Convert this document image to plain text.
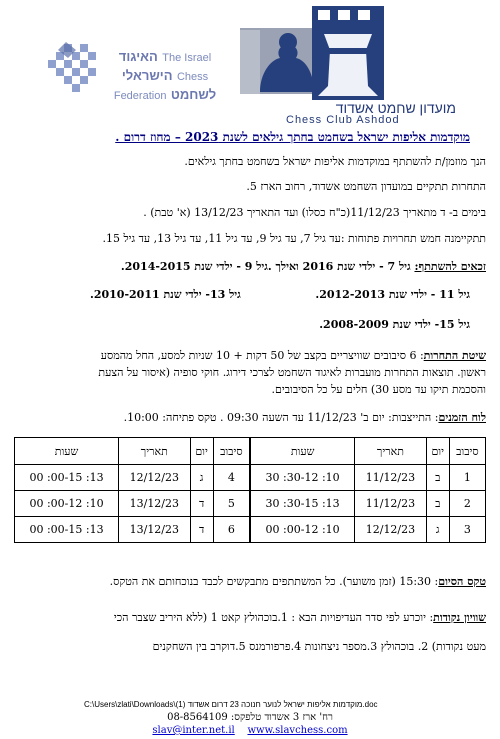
האיגוד The Israel
הישראלי Chess
Federation לשחמט
מועדון שחמט אשדוד
Chess Club Ashdod
מוקדמות אליפות ישראל בשחמט בחתך גילאים לשנת 2023 – מחוז דרום .
הנך מוזמן/ת להשתתף במוקדמות אליפות ישראל בשחמט בחתך גילאים.
התחרות תתקיים במועדון השחמט אשדוד, רחוב הארז 5.
בימים ב- ד מתאריך 11/12/23(כ"ח כסלו) ועד התאריך 13/12/23 (א' טבת) .
תתקיימנה חמש תחרויות פתוחות :עד גיל 7, עד גיל 9, עד גיל 11, עד גיל 13, עד גיל 15.
זכאים להשתתף: גיל 7 - ילדי שנת 2016 ואילך .גיל 9 - ילדי שנת 2014-2015.
גיל 11 - ילדי שנת 2012-2013.
גיל 13- ילדי שנת 2010-2011.
גיל 15- ילדי שנת 2008-2009.
שיטת התחרות: 6 סיבובים שוויצריים בקצב של 50 דקות + 10 שניות למסע, החל מהמסע
ראשון. תוצאות התחרות מועברות לאיגוד השחמט לצרכי דירוג. חוקי סופיה (איסור על הצעת
והסכמת תיקו עד מסע 30) חלים על כל הסיבובים.
לוח הזמנים: התייצבות: יום ב' 11/12/23 עד השעה 09:30 . טקס פתיחה: 10:00.
סיבוב	יום	תאריך	שעות	סיבוב	יום	תאריך	שעות
1	ב	11/12/23	10: 30-12: 30	4	ג	12/12/23	13: 00-15: 00
2	ב	11/12/23	13: 30-15: 30	5	ד	13/12/23	10: 00-12: 00
3	ג	12/12/23	10: 00-12: 00	6	ד	13/12/23	13: 00-15: 00
טקס הסיום: 15:30 (זמן משוער). כל המשתתפים מתבקשים לכבד בנוכחותם את הטקס.
שוויון נקודות: יוכרע לפי סדר העדיפויות הבא : 1.בוכהולץ קאט 1 (ללא היריב שצבר הכי
מעט נקודות) 2. בוכהולץ 3.מספר ניצחונות 4.פרפורמנס 5.דוקרב בין השחקנים
C:\Users\zlati\Downloads\מוקדמות אליפות ישראל לנוער חנוכה 23 דרום אשדוד (1).doc
רח' ארז 3 אשדוד טלפקס: 08-8564109
slav@inter.net.il www.slavchess.com
